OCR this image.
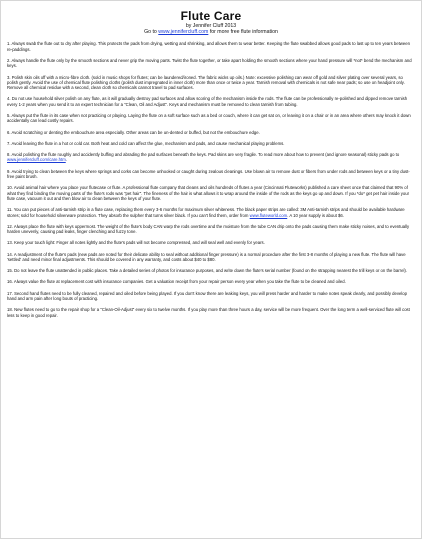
Flute Care

by Jennifer Cluff 2013

Go to www.jennifercluff.com for more free flute information

1. Always swab the flute out to dry after playing. This protects the pads from drying, wetting and shrinking, and allows them to wear better. Keeping the flute swabbed allows good pads to last up to ten years between re-paddings.

2. Always handle the flute only by the smooth sections and never grip the moving parts. Twist the flute together, or take apart holding the smooth sections where your hand pressure will *not* bend the mechanism and keys.

3. Polish skin oils off with a micro-fibre cloth. (sold in music shops for flutes; can be laundered/ironed. The fabric wicks up oils.) Note: excessive polishing can wear off gold and silver plating over several years, so polish gently. Avoid the use of chemical flute polishing cloths (polish dust impregnated in inner cloth) more than once or twice a year. Tarnish removal with chemicals is not safe near pads; so use on headjoint only. Remove all chemical residue with a second, clean cloth so chemicals cannot travel to pad surfaces.

4. Do not use household silver polish on any flute, as it will gradually destroy pad surfaces and allow scoring of the mechanism inside the rods. The flute can be professionally re-polished and dipped remove tarnish every 1-2 years when you send it to an expert technician for a "Clean, Oil and Adjust". Keys and mechanism must be removed to clean tarnish from tubing.

5. Always put the flute in its case when not practicing or playing. Laying the flute on a soft surface such as a bed or couch, where it can get sat on, or leaving it on a chair or in an area where others may knock it down accidentally can lead costly repairs.

6. Avoid scratching or denting the embouchure area especially. Other areas can be un-dented or buffed, but not the embouchure edge.

7. Avoid leaving the flute in a hot or cold car. Both heat and cold can affect the glue, mechanism and pads, and cause mechanical playing problems.

8. Avoid polishing the flute roughly and accidently buffing and abrading the pad surfaces beneath the keys. Pad skins are very fragile. To read more about how to prevent (and ignore seasonal) sticky pads go to www.jennifercluff.com/care.htm.

9. Avoid trying to clean between the keys where springs and corks can become unhooked or caught during zealous cleanings. Use blown air to remove dust or fibers from under rods and between keys or a tiny dust-free paint brush.

10. Avoid animal hair where you place your flutecase or flute. A professional flute company that cleans and oils hundreds of flutes a year (Cincinnati Fluteworks) published a care sheet once that claimed that 90% of what they find binding the moving parts of the flute's rods was "pet hair". The fineness of the hair is what allows it to wrap around the inside of the rods as the keys go up and down. If you *do* get pet hair inside your flute case, vacuum it out and then blow air to clean between the keys of your flute.

11. You can put pieces of anti-tarnish strip in a flute case, replacing them every 3-6 months for maximum silver whiteness. The black paper strips are called: 3M Anti-tarnish strips and should be available hardware stores; sold for household silverware protection. They absorb the sulpher that turns silver black. If you can't find them, order from www.fluteworld.com. A 10 year supply is about $6.

12. Always place the flute with keys uppermost. The weight of the flute's body CAN warp the rods overtime and the moisture from the tube CAN drip onto the pads causing them make sticky noises, and to eventually harden unevenly, causing pad leaks, finger clenching and fuzzy tone.

13. Keep your touch light: Finger all notes lightly and the flute's pads will not become compressed, and will seal well and evenly for years.

14. A readjustment of the flute's pads (new pads are noted for their delicate ability to seal without additional finger pressure) is a normal procedure after the first 3-8 months of playing a new flute. The flute will have 'settled' and need minor final adjustments. This should be covered in any warranty, and costs about $40 to $80.

15. Do not leave the flute unattended in public places. Take a detailed series of photos for insurance purposes, and write down the flute's serial number (found on the strapping nearest the trill keys or on the barrel).

16. Always value the flute at replacement cost with insurance companies. Get a valuation receipt from your repair person every year when you take the flute to be cleaned and oiled.

17. Second hand flutes need to be fully cleaned, repaired and oiled before being played. If you don't know there are leaking keys, you will press harder and harder to make notes speak clearly, and possibly develop hand and arm pain after long bouts of practicing.

18. New flutes need to go to the repair shop for a "Clean-Oil-Adjust" every six to twelve months. If you play more than three hours a day, service will be more frequent. Over the long term a well-serviced flute will cost less to keep in good repair.
